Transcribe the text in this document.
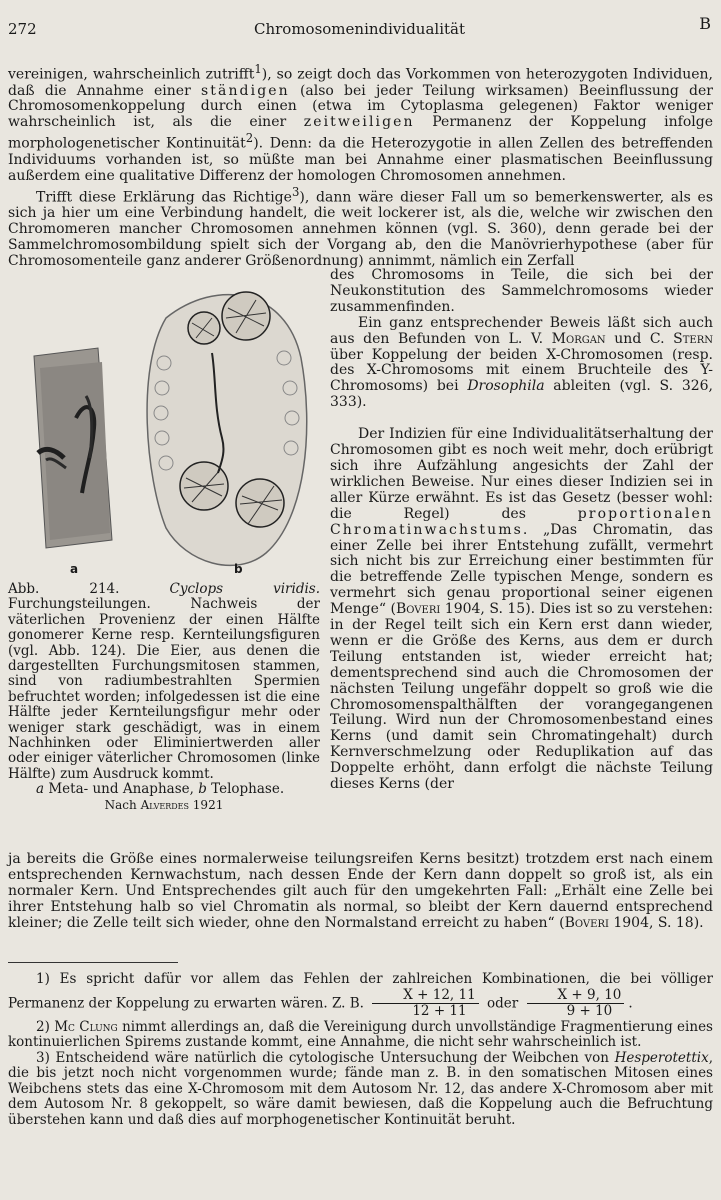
272	Chromosomenindividualität	B

vereinigen, wahrscheinlich zutrifft$^1$), so zeigt doch das Vorkommen von heterozygoten Individuen, daß die Annahme einer ständigen (also bei jeder Teilung wirksamen) Beeinflussung der Chromosomenkoppelung durch einen (etwa im Cytoplasma gelegenen) Faktor weniger wahrscheinlich ist, als die einer zeitweiligen Permanenz der Koppelung infolge morphologenetischer Kontinuität$^2$). Denn: da die Heterozygotie in allen Zellen des betreffenden Individuums vorhanden ist, so müßte man bei Annahme einer plasmatischen Beeinflussung außerdem eine qualitative Differenz der homologen Chromosomen annehmen.

Trifft diese Erklärung das Richtige$^3$), dann wäre dieser Fall um so bemerkenswerter, als es sich ja hier um eine Verbindung handelt, die weit lockerer ist, als die, welche wir zwischen den Chromomeren mancher Chromosomen annehmen können (vgl. S. 360), denn gerade bei der Sammelchromosombildung spielt sich der Vorgang ab, den die Manövrierhypothese (aber für Chromosomenteile ganz anderer Größenordnung) annimmt, nämlich ein Zerfall

a	b

des Chromosoms in Teile, die sich bei der Neukonstitution des Sammelchromosoms wieder zusammenfinden.

Ein ganz entsprechender Beweis läßt sich auch aus den Befunden von L. V. Morgan und C. Stern über Koppelung der beiden X-Chromosomen (resp. des X-Chromosoms mit einem Bruchteile des Y-Chromosoms) bei Drosophila ableiten (vgl. S. 326, 333).

Der Indizien für eine Individualitätserhaltung der Chromosomen gibt es noch weit mehr, doch erübrigt sich ihre Aufzählung angesichts der Zahl der wirklichen Beweise. Nur eines dieser Indizien sei in aller Kürze erwähnt. Es ist das Gesetz (besser wohl: die Regel) des proportionalen Chromatinwachstums. „Das Chromatin, das einer Zelle bei ihrer Entstehung zufällt, vermehrt sich nicht bis zur Erreichung einer bestimmten für die betreffende Zelle typischen Menge, sondern es vermehrt sich genau proportional seiner eigenen Menge“ (Boveri 1904, S. 15). Dies ist so zu verstehen: in der Regel teilt sich ein Kern erst dann wieder, wenn er die Größe des Kerns, aus dem er durch Teilung entstanden ist, wieder erreicht hat; dementsprechend sind auch die Chromosomen der nächsten Teilung ungefähr doppelt so groß wie die Chromosomenspalthälften der vorangegangenen Teilung. Wird nun der Chromosomenbestand eines Kerns (und damit sein Chromatingehalt) durch Kernverschmelzung oder Reduplikation auf das Doppelte erhöht, dann erfolgt die nächste Teilung dieses Kerns (der

Abb. 214.	Cyclops viridis. Furchungsteilungen. Nachweis der väterlichen Provenienz der einen Hälfte gonomerer Kerne resp. Kernteilungsfiguren (vgl. Abb. 124). Die Eier, aus denen die dargestellten Furchungsmitosen stammen, sind von radiumbestrahlten Spermien befruchtet worden; infolgedessen ist die eine Hälfte jeder Kernteilungsfigur mehr oder weniger stark geschädigt, was in einem Nachhinken oder Eliminiertwerden aller oder einiger väterlicher Chromosomen (linke Hälfte) zum Ausdruck kommt.

a Meta- und Anaphase, b Telophase.

Nach Alverdes 1921

ja bereits die Größe eines normalerweise teilungsreifen Kerns besitzt) trotzdem erst nach einem entsprechenden Kernwachstum, nach dessen Ende der Kern dann doppelt so groß ist, als ein normaler Kern. Und Entsprechendes gilt auch für den umgekehrten Fall: „Erhält eine Zelle bei ihrer Entstehung halb so viel Chromatin als normal, so bleibt der Kern dauernd entsprechend kleiner; die Zelle teilt sich wieder, ohne den Normalstand erreicht zu haben“ (Boveri 1904, S. 18).

1) Es spricht dafür vor allem das Fehlen der zahlreichen Kombinationen, die bei völliger Permanenz der Koppelung zu erwarten wären. Z. B. $\frac{X + 12, 11}{12 + 11}$ oder $\frac{X + 9, 10}{9 + 10}$ .

2) Mc Clung nimmt allerdings an, daß die Vereinigung durch unvollständige Fragmentierung eines kontinuierlichen Spirems zustande kommt, eine Annahme, die nicht sehr wahrscheinlich ist.

3) Entscheidend wäre natürlich die cytologische Untersuchung der Weibchen von Hesperotettix, die bis jetzt noch nicht vorgenommen wurde; fände man z. B. in den somatischen Mitosen eines Weibchens stets das eine X-Chromosom mit dem Autosom Nr. 12, das andere X-Chromosom aber mit dem Autosom Nr. 8 gekoppelt, so wäre damit bewiesen, daß die Koppelung auch die Befruchtung überstehen kann und daß dies auf morphogenetischer Kontinuität beruht.
